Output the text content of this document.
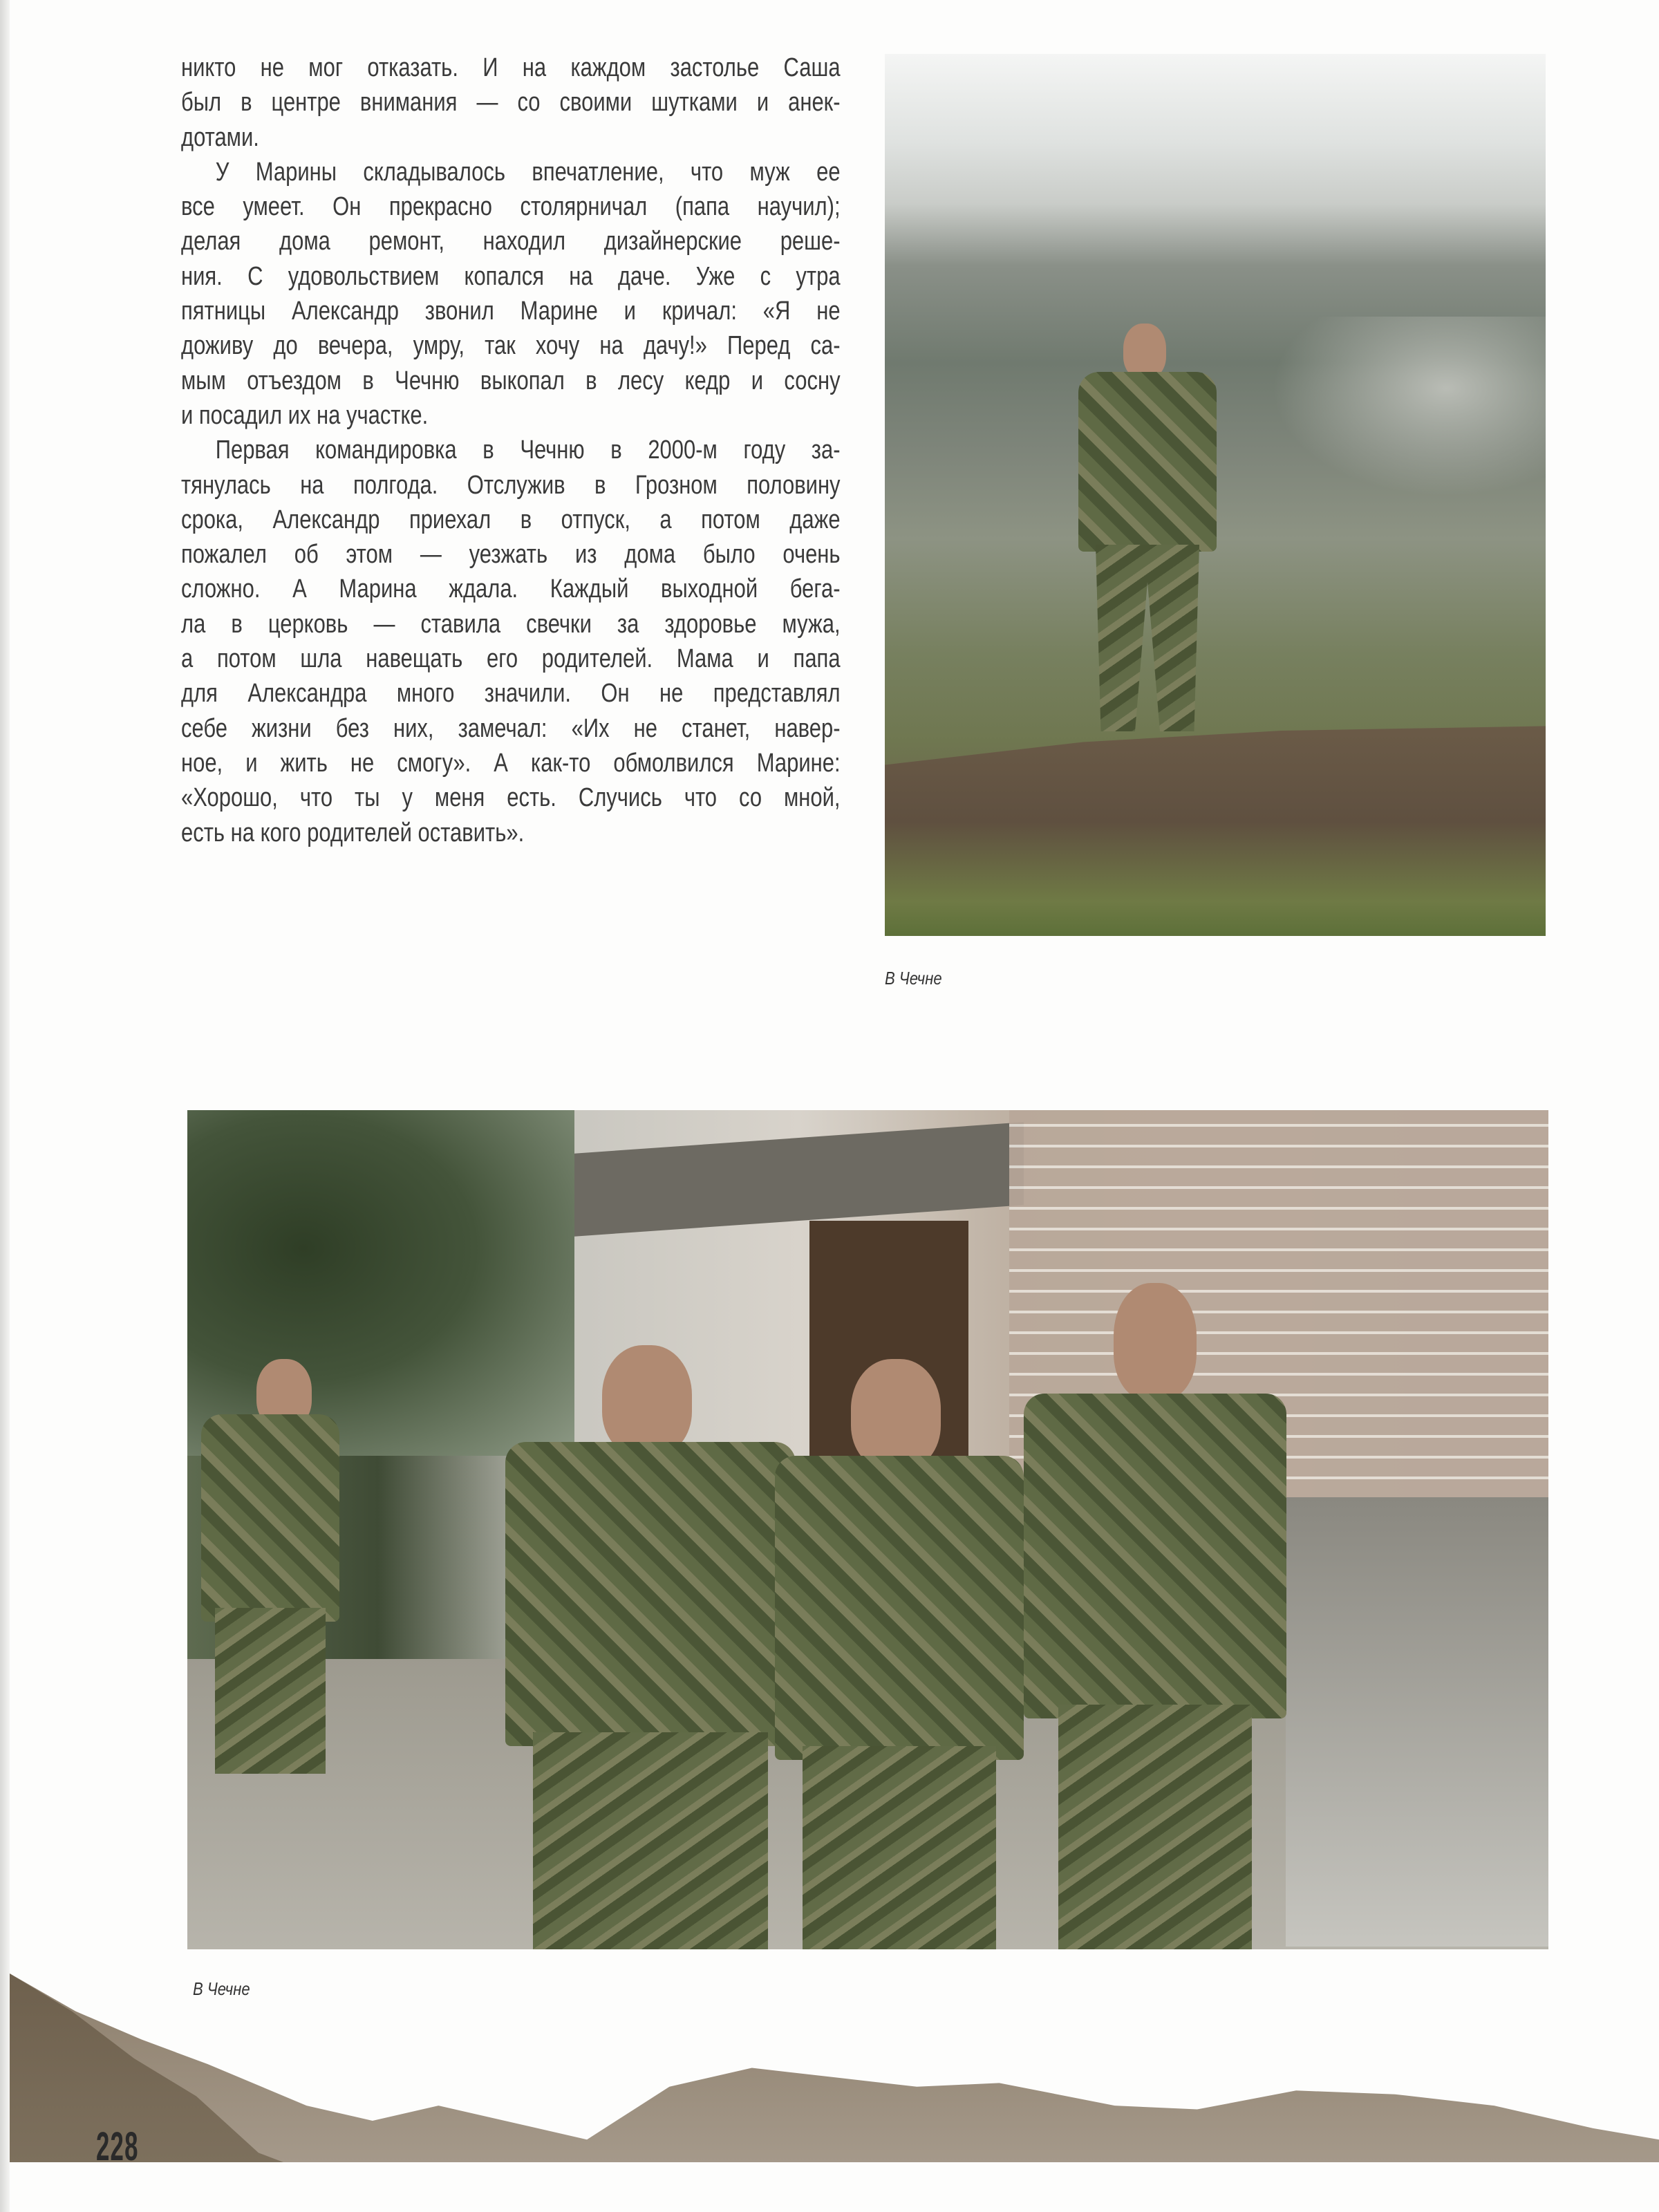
никто не мог отказать. И на каждом застолье Саша
был в центре внимания — со своими шутками и анек-
дотами.
У Марины складывалось впечатление, что муж ее
все умеет. Он прекрасно столярничал (папа научил);
делая дома ремонт, находил дизайнерские реше-
ния. С удовольствием копался на даче. Уже с утра
пятницы Александр звонил Марине и кричал: «Я не
доживу до вечера, умру, так хочу на дачу!» Перед са-
мым отъездом в Чечню выкопал в лесу кедр и сосну
и посадил их на участке.
Первая командировка в Чечню в 2000-м году за-
тянулась на полгода. Отслужив в Грозном половину
срока, Александр приехал в отпуск, а потом даже
пожалел об этом — уезжать из дома было очень
сложно. А Марина ждала. Каждый выходной бега-
ла в церковь — ставила свечки за здоровье мужа,
а потом шла навещать его родителей. Мама и папа
для Александра много значили. Он не представлял
себе жизни без них, замечал: «Их не станет, навер-
ное, и жить не смогу». А как-то обмолвился Марине:
«Хорошо, что ты у меня есть. Случись что со мной,
есть на кого родителей оставить».
В Чечне
В Чечне
228
